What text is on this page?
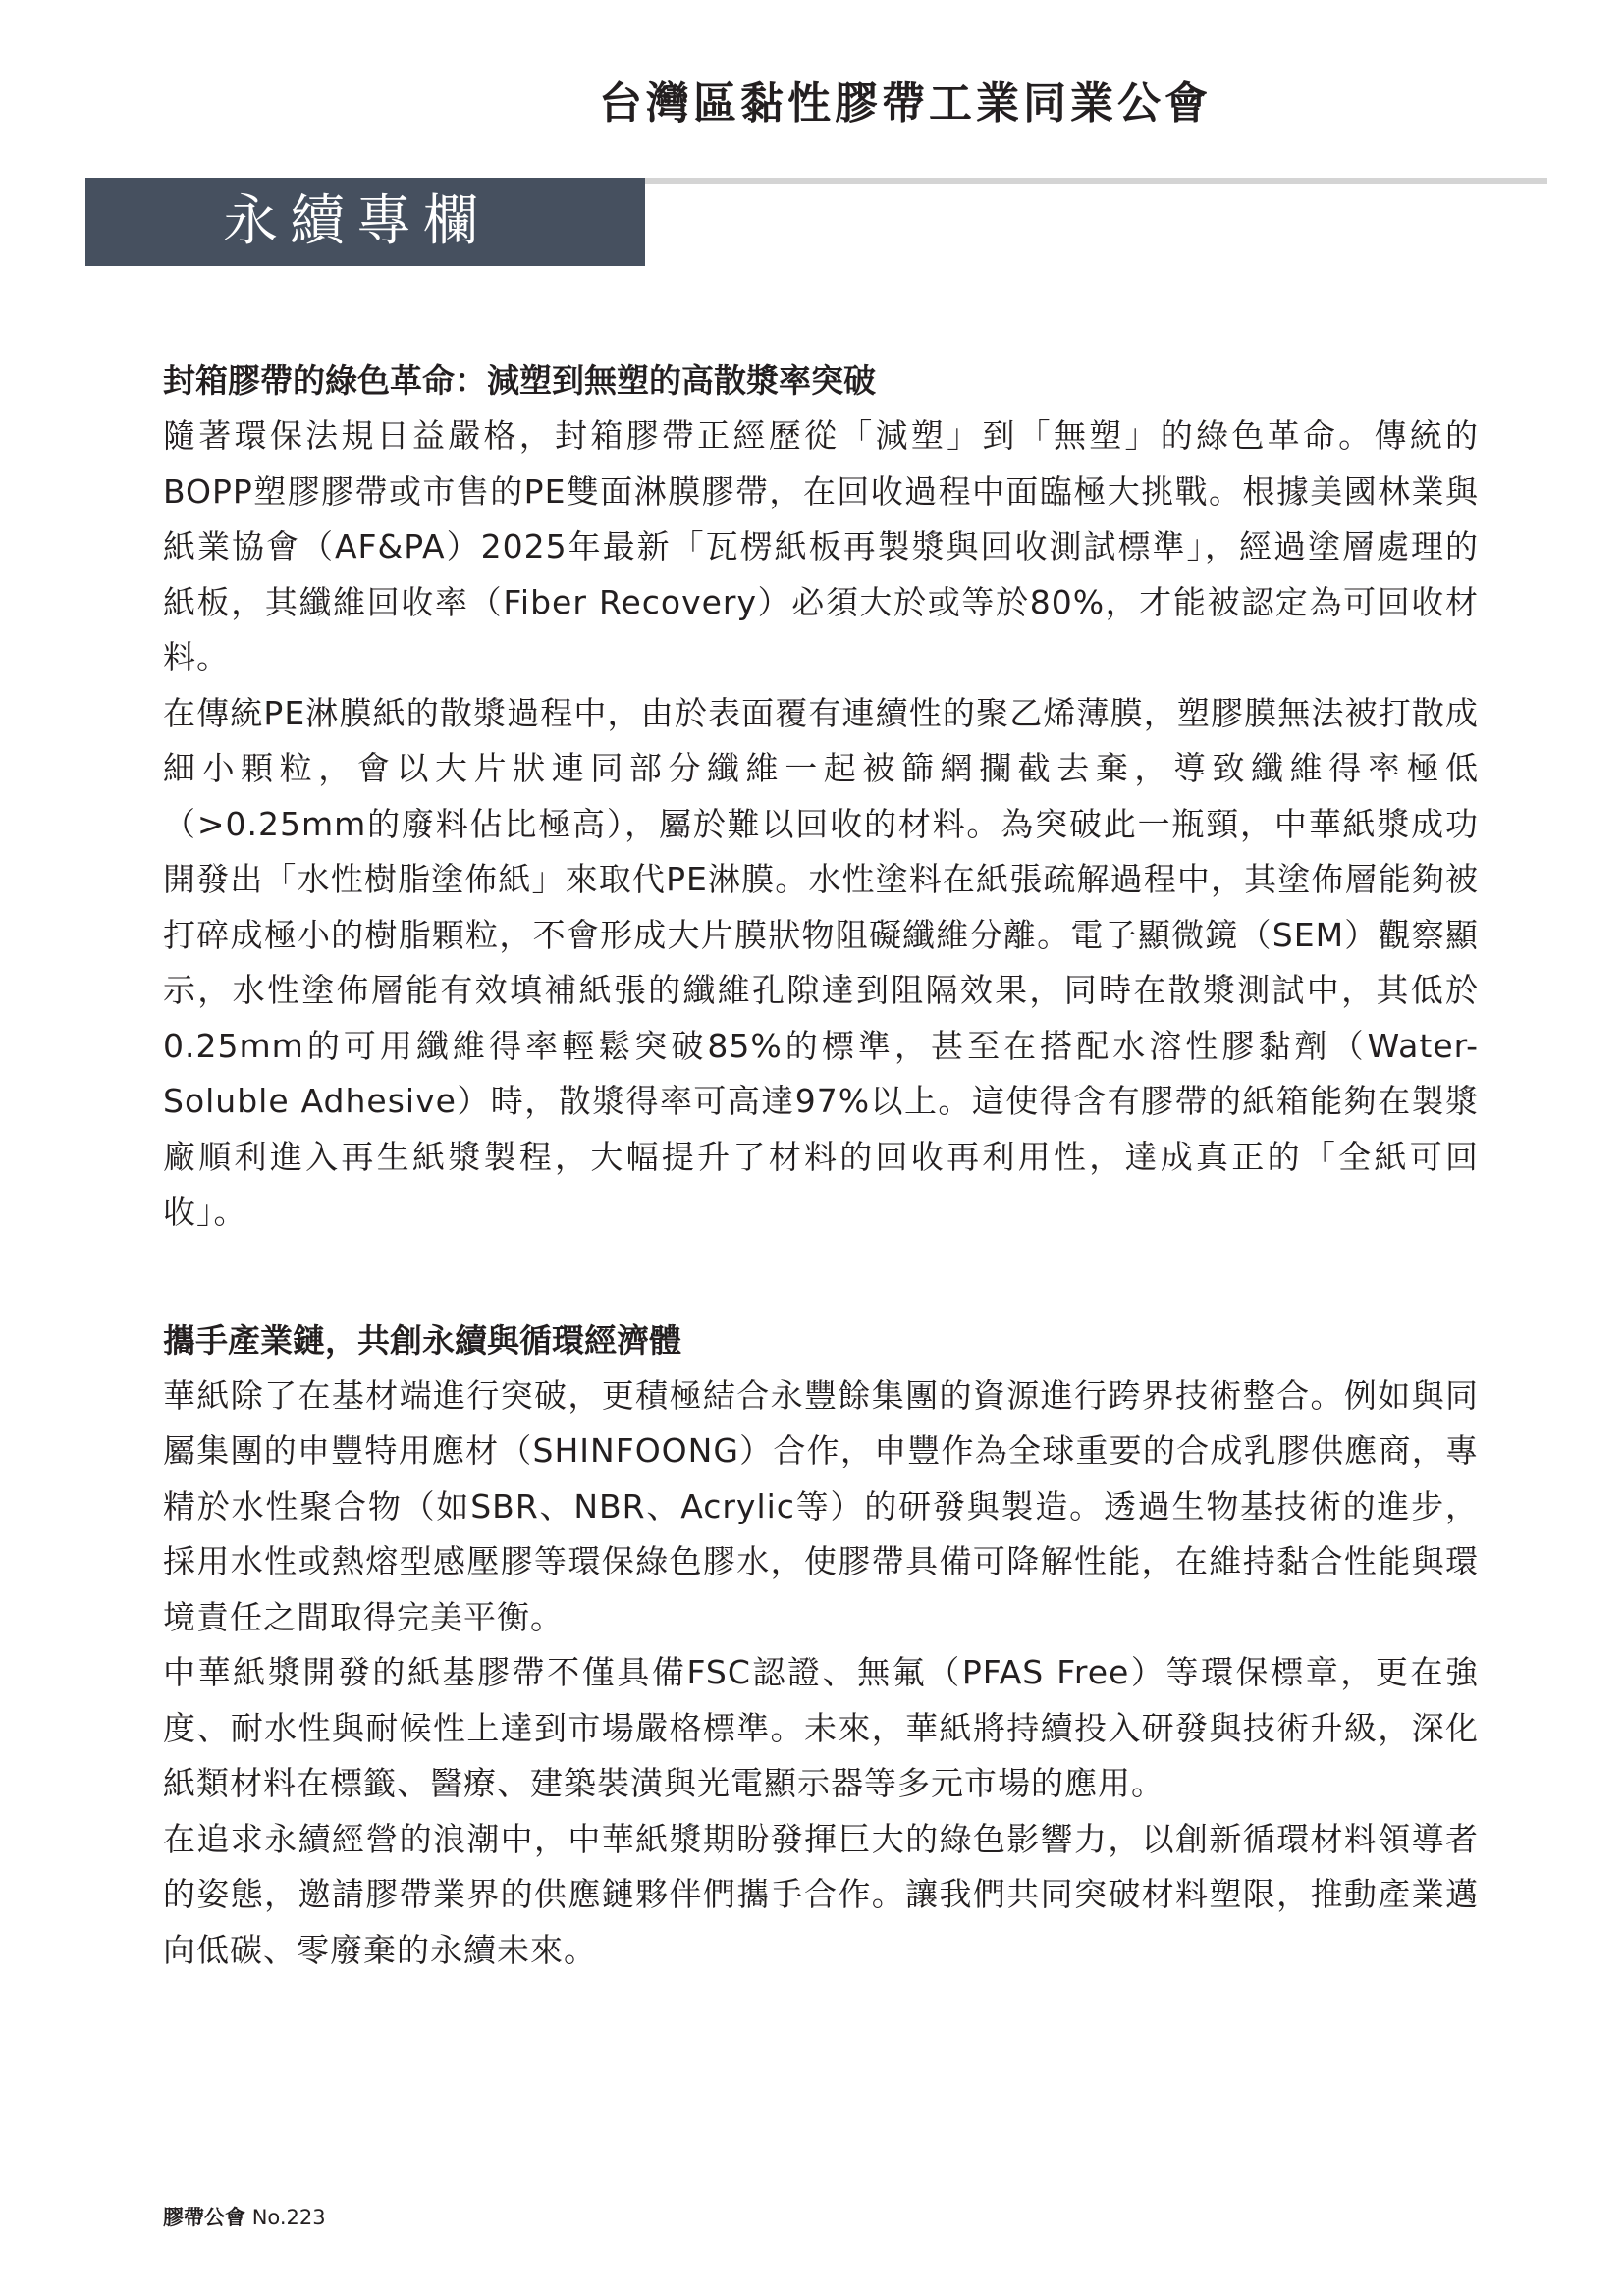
台灣區黏性膠帶工業同業公會
永續專欄
封箱膠帶的綠色革命：減塑到無塑的高散漿率突破

隨著環保法規日益嚴格，封箱膠帶正經歷從「減塑」到「無塑」的綠色革命。傳統的BOPP塑膠膠帶或市售的PE雙面淋膜膠帶，在回收過程中面臨極大挑戰。根據美國林業與紙業協會（AF&PA）2025年最新「瓦楞紙板再製漿與回收測試標準」，經過塗層處理的紙板，其纖維回收率（Fiber Recovery）必須大於或等於80%，才能被認定為可回收材料。

在傳統PE淋膜紙的散漿過程中，由於表面覆有連續性的聚乙烯薄膜，塑膠膜無法被打散成細小顆粒，會以大片狀連同部分纖維一起被篩網攔截去棄，導致纖維得率極低（>0.25mm的廢料佔比極高），屬於難以回收的材料。為突破此一瓶頸，中華紙漿成功開發出「水性樹脂塗佈紙」來取代PE淋膜。水性塗料在紙張疏解過程中，其塗佈層能夠被打碎成極小的樹脂顆粒，不會形成大片膜狀物阻礙纖維分離。電子顯微鏡（SEM）觀察顯示，水性塗佈層能有效填補紙張的纖維孔隙達到阻隔效果，同時在散漿測試中，其低於0.25mm的可用纖維得率輕鬆突破85%的標準，甚至在搭配水溶性膠黏劑（Water-Soluble Adhesive）時，散漿得率可高達97%以上。這使得含有膠帶的紙箱能夠在製漿廠順利進入再生紙漿製程，大幅提升了材料的回收再利用性，達成真正的「全紙可回收」。

攜手產業鏈，共創永續與循環經濟體

華紙除了在基材端進行突破，更積極結合永豐餘集團的資源進行跨界技術整合。例如與同屬集團的申豐特用應材（SHINFOONG）合作，申豐作為全球重要的合成乳膠供應商，專精於水性聚合物（如SBR、NBR、Acrylic等）的研發與製造。透過生物基技術的進步，採用水性或熱熔型感壓膠等環保綠色膠水，使膠帶具備可降解性能，在維持黏合性能與環境責任之間取得完美平衡。

中華紙漿開發的紙基膠帶不僅具備FSC認證、無氟（PFAS Free）等環保標章，更在強度、耐水性與耐候性上達到市場嚴格標準。未來，華紙將持續投入研發與技術升級，深化紙類材料在標籤、醫療、建築裝潢與光電顯示器等多元市場的應用。

在追求永續經營的浪潮中，中華紙漿期盼發揮巨大的綠色影響力，以創新循環材料領導者的姿態，邀請膠帶業界的供應鏈夥伴們攜手合作。讓我們共同突破材料塑限，推動產業邁向低碳、零廢棄的永續未來。

膠帶公會 No.223
